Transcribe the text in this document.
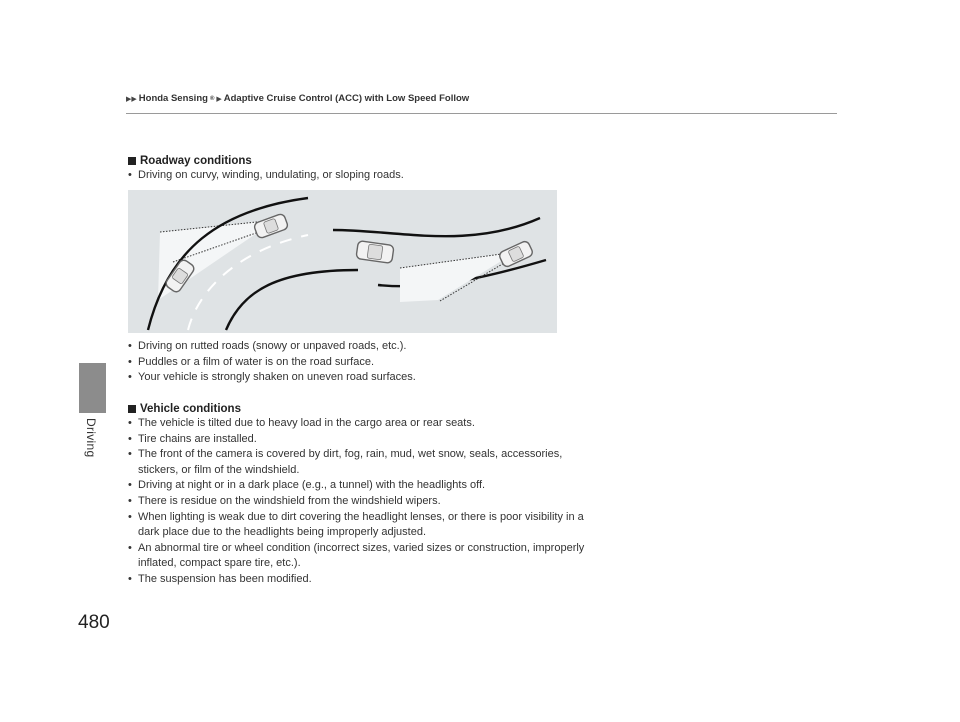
Driving
▶▶ Honda Sensing ® ▶ Adaptive Cruise Control (ACC) with Low Speed Follow
Roadway conditions
• Driving on curvy, winding, undulating, or sloping roads.
• Driving on rutted roads (snowy or unpaved roads, etc.).
• Puddles or a film of water is on the road surface.
• Your vehicle is strongly shaken on uneven road surfaces.
Vehicle conditions
• The vehicle is tilted due to heavy load in the cargo area or rear seats.
• Tire chains are installed.
• The front of the camera is covered by dirt, fog, rain, mud, wet snow, seals, accessories, stickers, or film of the windshield.
• Driving at night or in a dark place (e.g., a tunnel) with the headlights off.
• There is residue on the windshield from the windshield wipers.
• When lighting is weak due to dirt covering the headlight lenses, or there is poor visibility in a dark place due to the headlights being improperly adjusted.
• An abnormal tire or wheel condition (incorrect sizes, varied sizes or construction, improperly inflated, compact spare tire, etc.).
• The suspension has been modified.
480
